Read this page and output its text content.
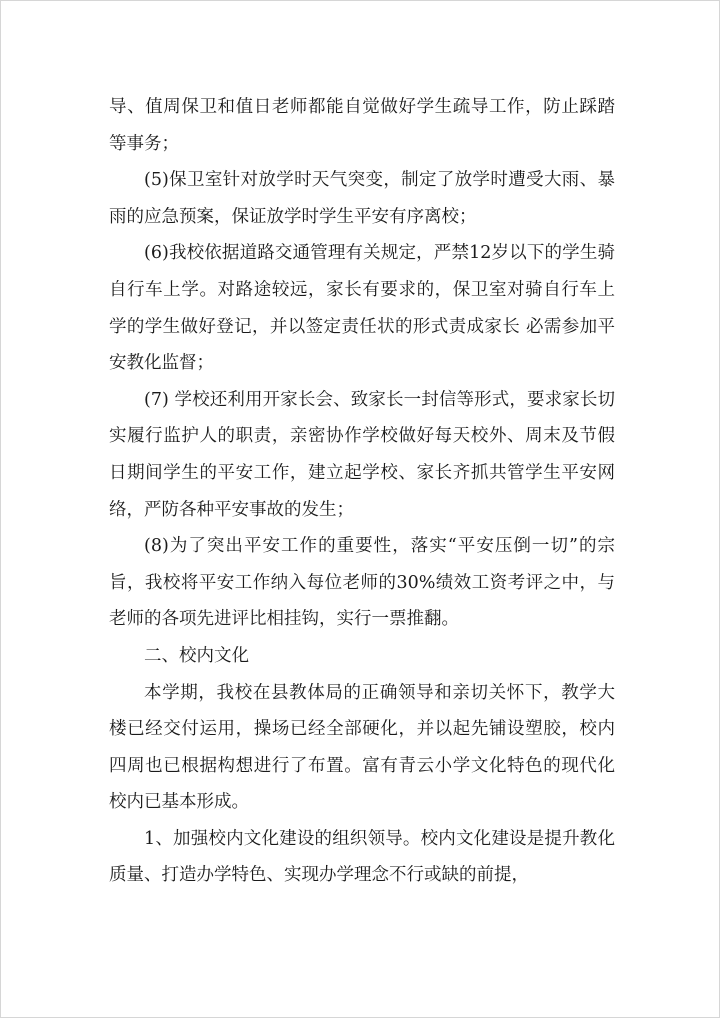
导、值周保卫和值日老师都能自觉做好学生疏导工作，防止踩踏等事务；

(5)保卫室针对放学时天气突变，制定了放学时遭受大雨、暴雨的应急预案，保证放学时学生平安有序离校；

(6)我校依据道路交通管理有关规定，严禁12岁以下的学生骑自行车上学。对路途较远，家长有要求的，保卫室对骑自行车上学的学生做好登记，并以签定责任状的形式责成家长 必需参加平安教化监督；

(7) 学校还利用开家长会、致家长一封信等形式，要求家长切实履行监护人的职责，亲密协作学校做好每天校外、周末及节假日期间学生的平安工作，建立起学校、家长齐抓共管学生平安网络，严防各种平安事故的发生；

(8)为了突出平安工作的重要性，落实“平安压倒一切”的宗旨，我校将平安工作纳入每位老师的30%绩效工资考评之中，与老师的各项先进评比相挂钩，实行一票推翻。

二、校内文化

本学期，我校在县教体局的正确领导和亲切关怀下，教学大楼已经交付运用，操场已经全部硬化，并以起先铺设塑胶，校内四周也已根据构想进行了布置。富有青云小学文化特色的现代化校内已基本形成。

1、加强校内文化建设的组织领导。校内文化建设是提升教化质量、打造办学特色、实现办学理念不行或缺的前提，
